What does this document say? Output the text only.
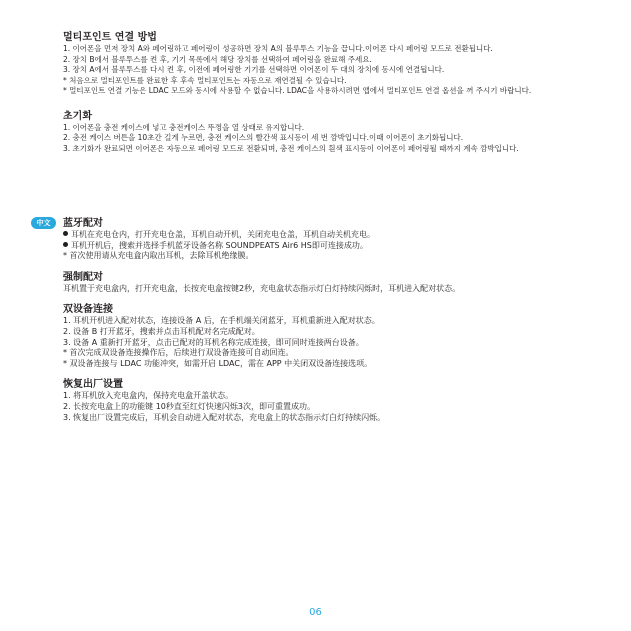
멀티포인트 연결 방법

1. 이어폰을 먼저 장치 A와 페어링하고 페어링이 성공하면 장치 A의 블루투스 기능을 끕니다.이어폰 다시 페어링 모드로 전환됩니다.

2. 장치 B에서 블루투스를 켠 후, 기기 목록에서 해당 장치를 선택하여 페어링을 완료해 주세요.

3. 장치 A에서 블루투스를 다시 켠 후, 이전에 페어링한 기기를 선택하면 이어폰이 두 대의 장치에 동시에 연결됩니다.

* 처음으로 멀티포인트를 완료한 후 후속 멀티포인트는 자동으로 재연결될 수 있습니다.

* 멀티포인트 연결 기능은 LDAC 모드와 동시에 사용할 수 없습니다. LDAC을 사용하시려면 앱에서 멀티포인트 연결 옵션을 꺼 주시기 바랍니다.

초기화

1. 이어폰을 충전 케이스에 넣고 충전케이스 뚜껑을 열 상태로 유지합니다.

2. 충전 케이스 버튼을 10초간 길게 누르면, 충전 케이스의 빨간색 표시등이 세 번 깜박입니다.이때 이어폰이 초기화됩니다.

3. 초기화가 완료되면 이어폰은 자동으로 페어링 모드로 전환되며, 충전 케이스의 흰색 표시등이 이어폰이 페어링될 때까지 계속 깜박입니다.

中文	蓝牙配对

耳机在充电仓内，打开充电仓盖，耳机自动开机，关闭充电仓盖，耳机自动关机充电。

耳机开机后，搜索并选择手机蓝牙设备名称 SOUNDPEATS Air6 HS即可连接成功。

* 首次使用请从充电盒内取出耳机，去除耳机绝缘膜。

强制配对

耳机置于充电盒内，打开充电盒，长按充电盒按键2秒，充电盒状态指示灯白灯持续闪烁时，耳机进入配对状态。

双设备连接

1. 耳机开机进入配对状态，连接设备 A 后，在手机端关闭蓝牙，耳机重新进入配对状态。

2. 设备 B 打开蓝牙，搜索并点击耳机配对名完成配对。

3. 设备 A 重新打开蓝牙，点击已配对的耳机名称完成连接，即可同时连接两台设备。

* 首次完成双设备连接操作后，后续进行双设备连接可自动回连。

* 双设备连接与 LDAC 功能冲突，如需开启 LDAC，需在 APP 中关闭双设备连接选项。

恢复出厂设置

1. 将耳机放入充电盒内，保持充电盒开盖状态。

2. 长按充电盒上的功能键 10秒直至红灯快速闪烁3次，即可重置成功。

3. 恢复出厂设置完成后，耳机会自动进入配对状态，充电盒上的状态指示灯白灯持续闪烁。

06
